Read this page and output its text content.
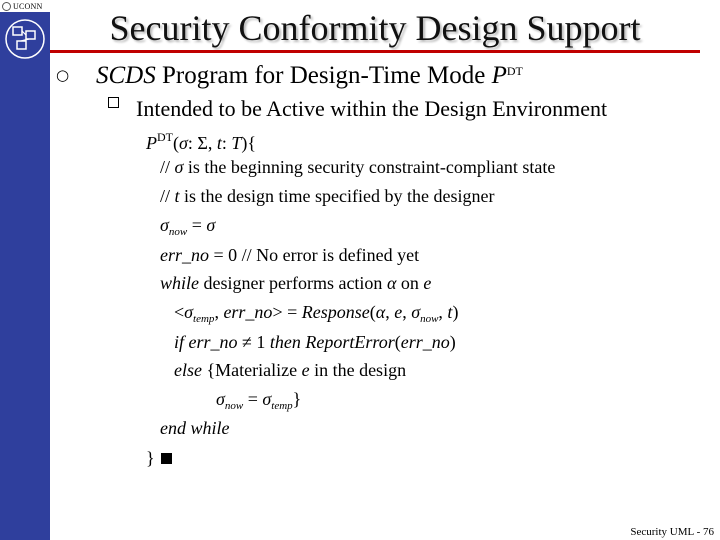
UCONN
Security Conformity Design Support
○ SCDS Program for Design-Time Mode $P^{DT}$
Intended to be Active within the Design Environment
$P^{DT}(\sigma$: Σ, t: T){
// σ is the beginning security constraint-compliant state
// t is the design time specified by the designer
$\sigma_{now} = \sigma$
err_no = 0 // No error is defined yet
while designer performs action α on e
$<\sigma_{temp}$, err_no> = Response(α, e, $\sigma_{now}$, t)
if err_no ≠ 1 then ReportError(err_no)
else {Materialize e in the design
$\sigma_{now} = \sigma_{temp}$}
end while
}
Security UML - 76
